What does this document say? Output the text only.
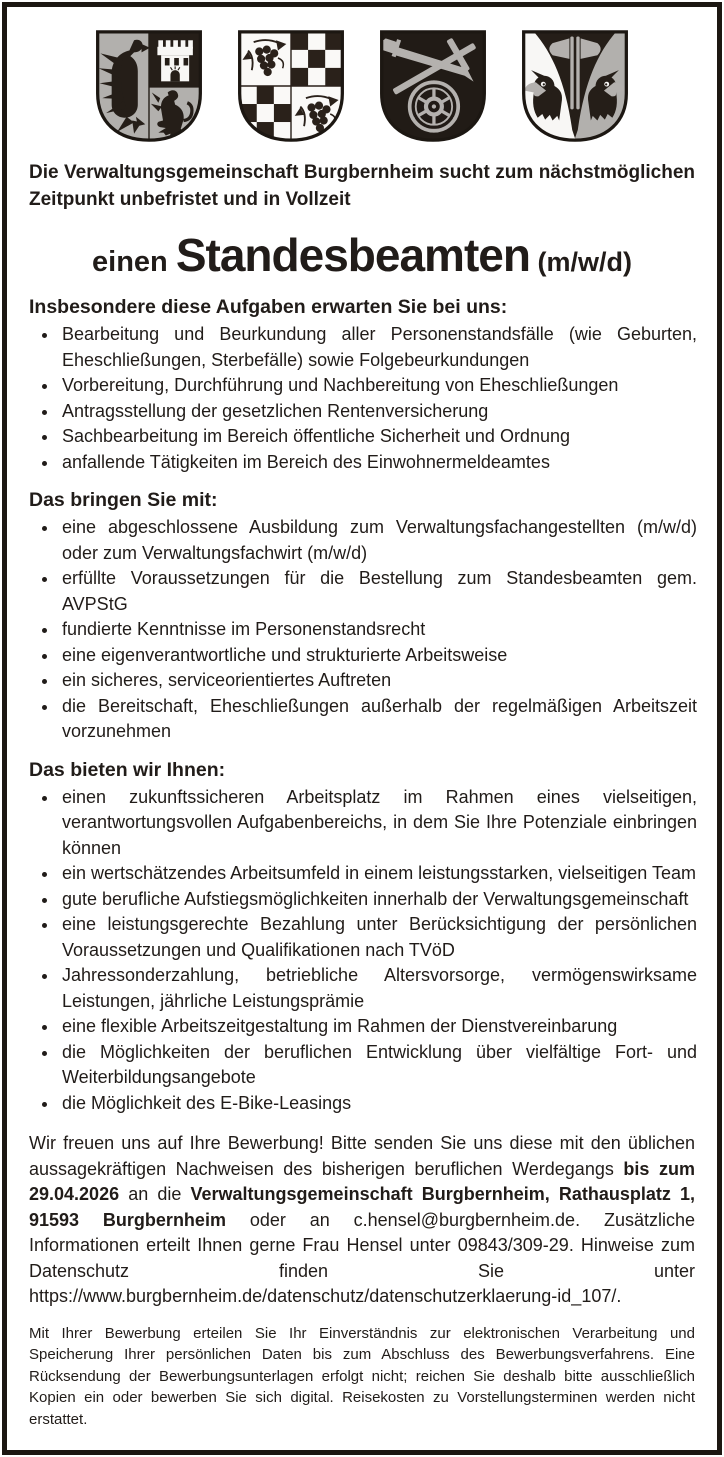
Die Verwaltungsgemeinschaft Burgbernheim sucht zum nächstmöglichen Zeitpunkt unbefristet und in Vollzeit

einen Standesbeamten (m/w/d)
Insbesondere diese Aufgaben erwarten Sie bei uns:
• Bearbeitung und Beurkundung aller Personenstandsfälle (wie Geburten, Eheschließungen, Sterbefälle) sowie Folgebeurkundungen
• Vorbereitung, Durchführung und Nachbereitung von Eheschließungen
• Antragsstellung der gesetzlichen Rentenversicherung
• Sachbearbeitung im Bereich öffentliche Sicherheit und Ordnung
• anfallende Tätigkeiten im Bereich des Einwohnermeldeamtes
Das bringen Sie mit:
• eine abgeschlossene Ausbildung zum Verwaltungsfachangestellten (m/w/d) oder zum Verwaltungsfachwirt (m/w/d)
• erfüllte Voraussetzungen für die Bestellung zum Standesbeamten gem. AVPStG
• fundierte Kenntnisse im Personenstandsrecht
• eine eigenverantwortliche und strukturierte Arbeitsweise
• ein sicheres, serviceorientiertes Auftreten
• die Bereitschaft, Eheschließungen außerhalb der regelmäßigen Arbeitszeit vorzunehmen
Das bieten wir Ihnen:
• einen zukunftssicheren Arbeitsplatz im Rahmen eines vielseitigen, verantwortungsvollen Aufgabenbereichs, in dem Sie Ihre Potenziale einbringen können
• ein wertschätzendes Arbeitsumfeld in einem leistungsstarken, vielseitigen Team
• gute berufliche Aufstiegsmöglichkeiten innerhalb der Verwaltungsgemeinschaft
• eine leistungsgerechte Bezahlung unter Berücksichtigung der persönlichen Voraussetzungen und Qualifikationen nach TVöD
• Jahressonderzahlung, betriebliche Altersvorsorge, vermögenswirksame Leistungen, jährliche Leistungsprämie
• eine flexible Arbeitszeitgestaltung im Rahmen der Dienstvereinbarung
• die Möglichkeiten der beruflichen Entwicklung über vielfältige Fort- und Weiterbildungsangebote
• die Möglichkeit des E-Bike-Leasings

Wir freuen uns auf Ihre Bewerbung! Bitte senden Sie uns diese mit den üblichen aussagekräftigen Nachweisen des bisherigen beruflichen Werdegangs bis zum 29.04.2026 an die Verwaltungsgemeinschaft Burgbernheim, Rathausplatz 1, 91593 Burgbernheim oder an c.hensel@burgbernheim.de. Zusätzliche Informationen erteilt Ihnen gerne Frau Hensel unter 09843/309-29. Hinweise zum Datenschutz finden Sie unter https://www.burgbernheim.de/datenschutz/datenschutzerklaerung-id_107/.

Mit Ihrer Bewerbung erteilen Sie Ihr Einverständnis zur elektronischen Verarbeitung und Speicherung Ihrer persönlichen Daten bis zum Abschluss des Bewerbungsverfahrens. Eine Rücksendung der Bewerbungsunterlagen erfolgt nicht; reichen Sie deshalb bitte ausschließlich Kopien ein oder bewerben Sie sich digital. Reisekosten zu Vorstellungsterminen werden nicht erstattet.
